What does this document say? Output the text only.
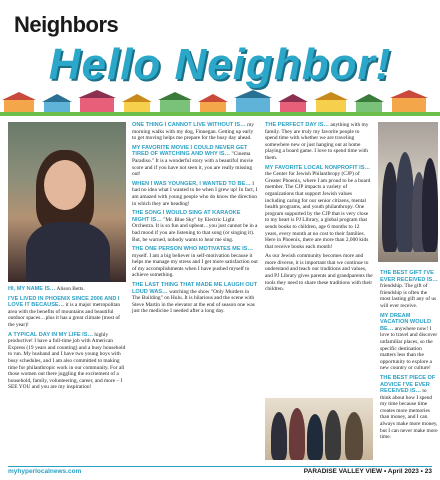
Neighbors
Hello Neighbor!

HI, MY NAME IS… Alison Betts.

I'VE LIVED IN PHOENIX SINCE 2006 AND I LOVE IT BECAUSE… it is a major metropolitan area with the benefits of mountains and beautiful outdoor spaces…plus it has a great climate (most of the year)!

A TYPICAL DAY IN MY LIFE IS… highly productive! I have a full-time job with American Express (19 years and counting) and a busy household to run. My husband and I have two young boys with busy schedules, and I am also committed to making time for philanthropic work in our community. For all those women out there juggling the excitement of a household, family, volunteering, career, and more – I SEE YOU and you are my inspiration!

ONE THING I CANNOT LIVE WITHOUT IS… my morning walks with my dog, Finnegan. Getting up early to get moving helps me prepare for the busy day ahead.

MY FAVORITE MOVIE I COULD NEVER GET TIRED OF WATCHING AND WHY IS… "Cinema Paradiso." It is a wonderful story with a beautiful movie score and if you have not seen it, you are really missing out!

WHEN I WAS YOUNGER, I WANTED TO BE… I had no idea what I wanted to be when I grew up! In fact, I am amazed with young people who do know the direction in which they are heading!

THE SONG I WOULD SING AT KARAOKE NIGHT IS… "Mr. Blue Sky" by Electric Light Orchestra. It is so fun and upbeat…you just cannot be in a bad mood if you are listening to that song (or singing it). But, be warned, nobody wants to hear me sing.

THE ONE PERSON WHO MOTIVATES ME IS… myself. I am a big believer in self-motivation because it helps me manage my stress and I get more satisfaction out of my accomplishments when I have pushed myself to achieve something.

THE LAST THING THAT MADE ME LAUGH OUT LOUD WAS… watching the show "Only Murders in The Building" on Hulu. It is hilarious and the scene with Steve Martin in the elevator at the end of season one was just the medicine I needed after a long day.

THE PERFECT DAY IS… anything with my family. They are truly my favorite people to spend time with whether we are traveling somewhere new or just hanging out at home playing a board game. I love to spend time with them.

MY FAVORITE LOCAL NONPROFIT IS… the Center for Jewish Philanthropy (CJP) of Greater Phoenix, where I am proud to be a board member. The CJP impacts a variety of organizations that support Jewish values including caring for our senior citizens, mental health programs, and youth philanthropy. One program supported by the CJP that is very close to my heart is PJ Library, a global program that sends books to children, age 6 months to 12 years, every month at no cost to their families. Here in Phoenix, there are more than 2,000 kids that receive books each month!

As our Jewish community becomes more and more diverse, it is important that we continue to understand and teach our traditions and values, and PJ Library gives parents and grandparents the tools they need to share these traditions with their children.

THE BEST GIFT I'VE EVER RECEIVED IS… friendship. The gift of friendship is often the most lasting gift any of us will ever receive.

MY DREAM VACATION WOULD BE… anywhere now! I love to travel and discover unfamiliar places, so the specific destination matters less than the opportunity to explore a new country or culture!

THE BEST PIECE OF ADVICE I'VE EVER RECEIVED IS… to think about how I spend my time because time creates more memories than money, and I can always make more money, but I can never make more time.

myhyperlocalnews.com	PARADISE VALLEY VIEW • April 2023 • 23
